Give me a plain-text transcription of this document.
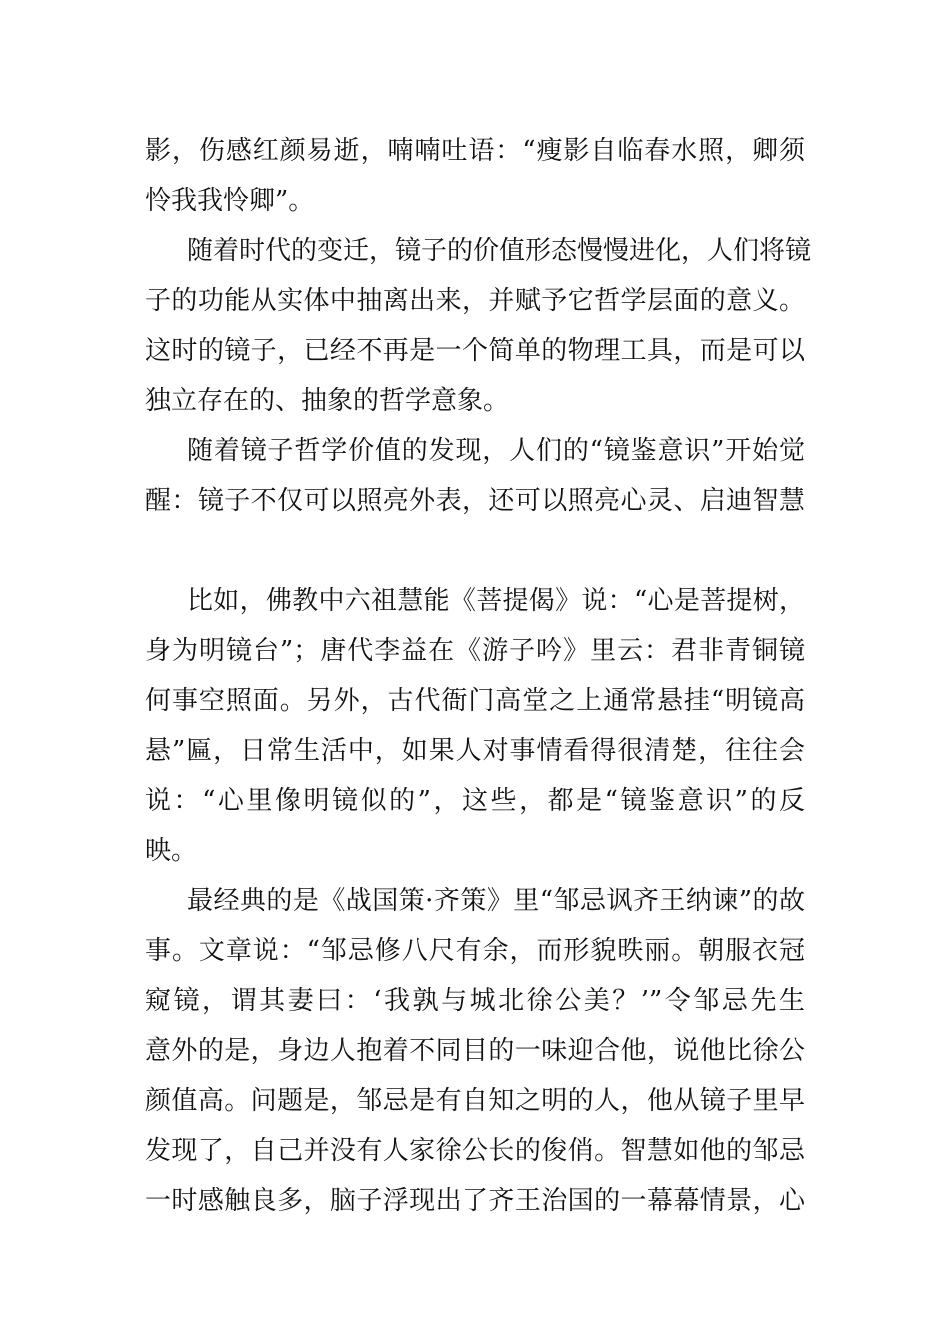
影，伤感红颜易逝，喃喃吐语：“瘦影自临春水照，卿须
怜我我怜卿”。
随着时代的变迁，镜子的价值形态慢慢进化，人们将镜
子的功能从实体中抽离出来，并赋予它哲学层面的意义。
这时的镜子，已经不再是一个简单的物理工具，而是可以
独立存在的、抽象的哲学意象。
随着镜子哲学价值的发现，人们的“镜鉴意识”开始觉
醒：镜子不仅可以照亮外表，还可以照亮心灵、启迪智慧
比如，佛教中六祖慧能《菩提偈》说：“心是菩提树，
身为明镜台”；唐代李益在《游子吟》里云：君非青铜镜
何事空照面。另外，古代衙门高堂之上通常悬挂“明镜高
悬”匾，日常生活中，如果人对事情看得很清楚，往往会
说：“心里像明镜似的”，这些，都是“镜鉴意识”的反
映。
最经典的是《战国策·齐策》里“邹忌讽齐王纳谏”的故
事。文章说：“邹忌修八尺有余，而形貌昳丽。朝服衣冠
窥镜，谓其妻曰：‘我孰与城北徐公美？’”令邹忌先生
意外的是，身边人抱着不同目的一味迎合他，说他比徐公
颜值高。问题是，邹忌是有自知之明的人，他从镜子里早
发现了，自己并没有人家徐公长的俊俏。智慧如他的邹忌
一时感触良多，脑子浮现出了齐王治国的一幕幕情景，心
